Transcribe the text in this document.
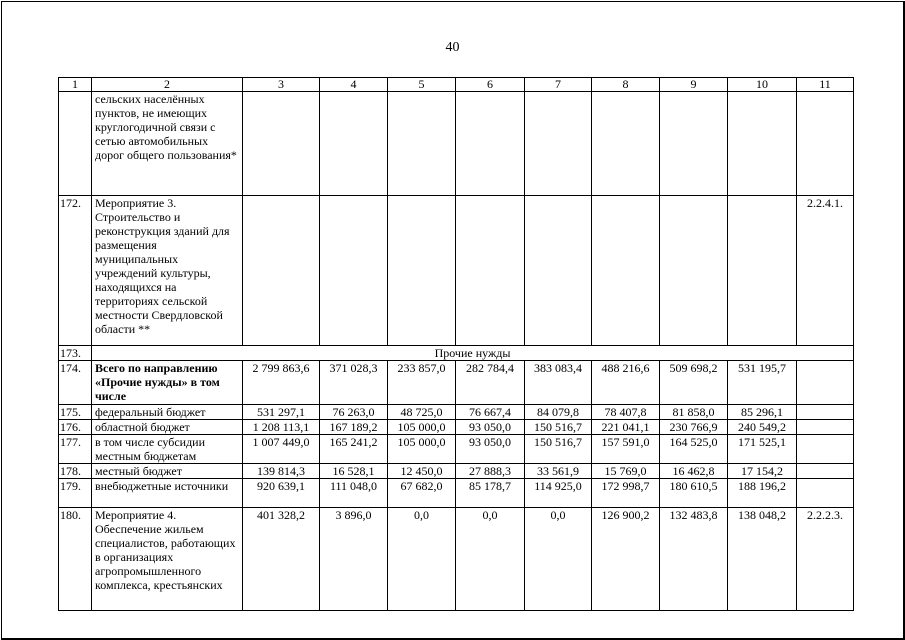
40
1	2	3	4	5	6	7	8	9	10	11
	сельских населённых пунктов, не имеющих круглогодичной связи с сетью автомобильных дорог общего пользования*									
172.	Мероприятие 3. Строительство и реконструкция зданий для размещения муниципальных учреждений культуры, находящихся на территориях сельской местности Свердловской области **									2.2.4.1.
173.	Прочие нужды									
174.	Всего по направлению «Прочие нужды» в том числе	2 799 863,6	371 028,3	233 857,0	282 784,4	383 083,4	488 216,6	509 698,2	531 195,7	
175.	федеральный бюджет	531 297,1	76 263,0	48 725,0	76 667,4	84 079,8	78 407,8	81 858,0	85 296,1	
176.	областной бюджет	1 208 113,1	167 189,2	105 000,0	93 050,0	150 516,7	221 041,1	230 766,9	240 549,2	
177.	в том числе субсидии местным бюджетам	1 007 449,0	165 241,2	105 000,0	93 050,0	150 516,7	157 591,0	164 525,0	171 525,1	
178.	местный бюджет	139 814,3	16 528,1	12 450,0	27 888,3	33 561,9	15 769,0	16 462,8	17 154,2	
179.	внебюджетные источники	920 639,1	111 048,0	67 682,0	85 178,7	114 925,0	172 998,7	180 610,5	188 196,2	
180.	Мероприятие 4. Обеспечение жильем специалистов, работающих в организациях агропромышленного комплекса, крестьянских	401 328,2	3 896,0	0,0	0,0	0,0	126 900,2	132 483,8	138 048,2	2.2.2.3.
